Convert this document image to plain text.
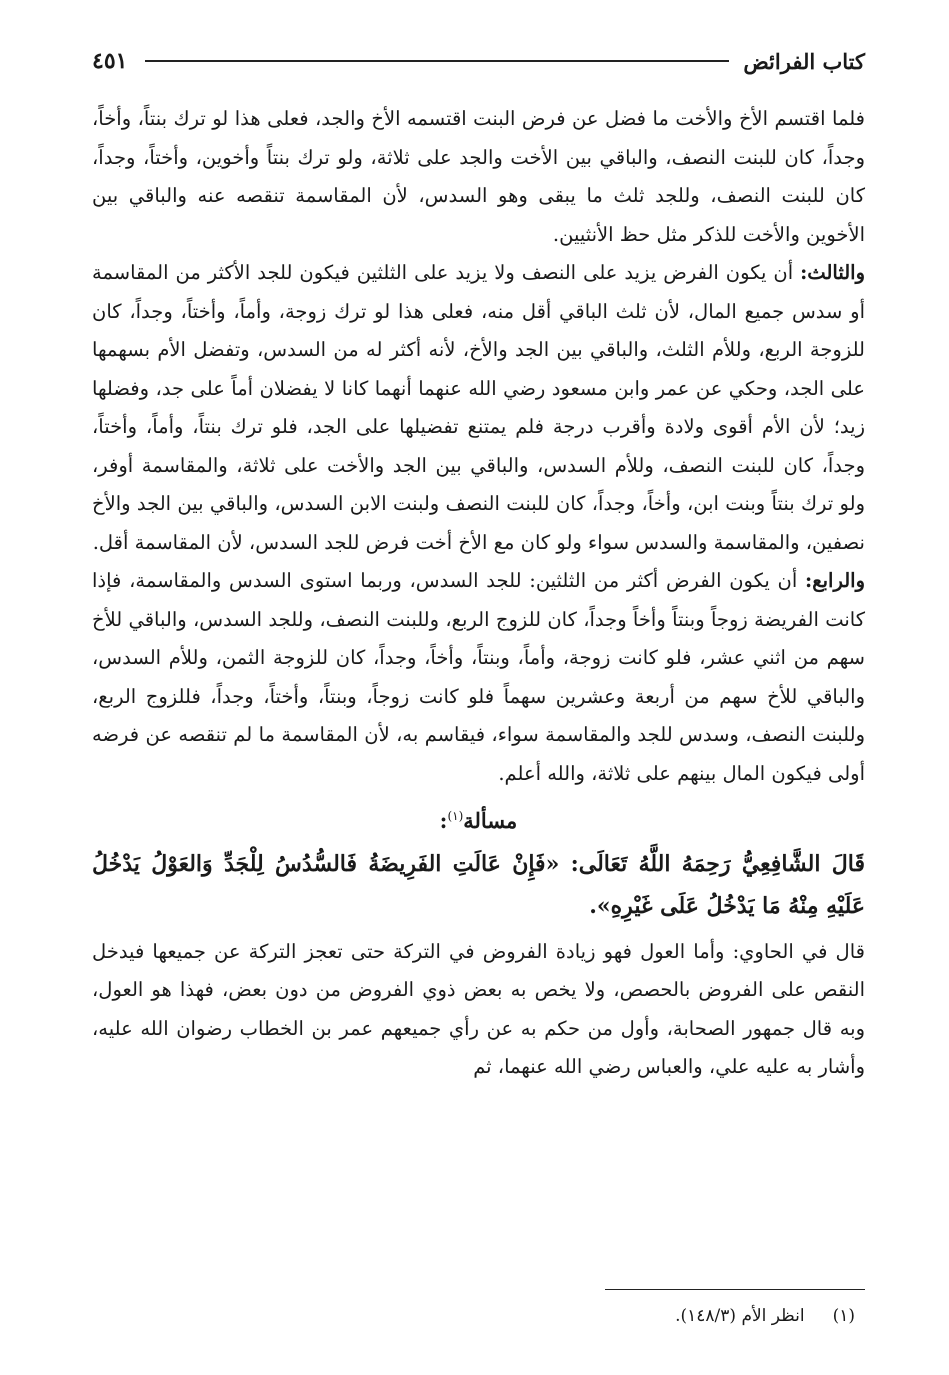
كتاب الفرائض
٤٥١

فلما اقتسم الأخ والأخت ما فضل عن فرض البنت اقتسمه الأخ والجد، فعلى هذا لو ترك بنتاً، وأخاً، وجداً، كان للبنت النصف، والباقي بين الأخت والجد على ثلاثة، ولو ترك بنتاً وأخوين، وأختاً، وجداً، كان للبنت النصف، وللجد ثلث ما يبقى وهو السدس، لأن المقاسمة تنقصه عنه والباقي بين الأخوين والأخت للذكر مثل حظ الأنثيين.

والثالث: أن يكون الفرض يزيد على النصف ولا يزيد على الثلثين فيكون للجد الأكثر من المقاسمة أو سدس جميع المال، لأن ثلث الباقي أقل منه، فعلى هذا لو ترك زوجة، وأماً، وأختاً، وجداً، كان للزوجة الربع، وللأم الثلث، والباقي بين الجد والأخ، لأنه أكثر له من السدس، وتفضل الأم بسهمها على الجد، وحكي عن عمر وابن مسعود رضي الله عنهما أنهما كانا لا يفضلان أماً على جد، وفضلها زيد؛ لأن الأم أقوى ولادة وأقرب درجة فلم يمتنع تفضيلها على الجد، فلو ترك بنتاً، وأماً، وأختاً، وجداً، كان للبنت النصف، وللأم السدس، والباقي بين الجد والأخت على ثلاثة، والمقاسمة أوفر، ولو ترك بنتاً وبنت ابن، وأخاً، وجداً، كان للبنت النصف ولبنت الابن السدس، والباقي بين الجد والأخ نصفين، والمقاسمة والسدس سواء ولو كان مع الأخ أخت فرض للجد السدس، لأن المقاسمة أقل.

والرابع: أن يكون الفرض أكثر من الثلثين: للجد السدس، وربما استوى السدس والمقاسمة، فإذا كانت الفريضة زوجاً وبنتاً وأخاً وجداً، كان للزوج الربع، وللبنت النصف، وللجد السدس، والباقي للأخ سهم من اثني عشر، فلو كانت زوجة، وأماً، وبنتاً، وأخاً، وجداً، كان للزوجة الثمن، وللأم السدس، والباقي للأخ سهم من أربعة وعشرين سهماً فلو كانت زوجاً، وبنتاً، وأختاً، وجداً، فللزوج الربع، وللبنت النصف، وسدس للجد والمقاسمة سواء، فيقاسم به، لأن المقاسمة ما لم تنقصه عن فرضه أولى فيكون المال بينهم على ثلاثة، والله أعلم.

مسألة$^{(١)}$:
قَالَ الشَّافِعِيُّ رَحِمَهُ اللَّهُ تَعَالَى: «فَإِنْ عَالَتِ الفَرِيضَةُ فَالسُّدُسُ لِلْجَدِّ وَالعَوْلُ يَدْخُلُ عَلَيْهِ مِنْهُ مَا يَدْخُلُ عَلَى غَيْرِهِ».

قال في الحاوي: وأما العول فهو زيادة الفروض في التركة حتى تعجز التركة عن جميعها فيدخل النقص على الفروض بالحصص، ولا يخص به بعض ذوي الفروض من دون بعض، فهذا هو العول، وبه قال جمهور الصحابة، وأول من حكم به عن رأي جميعهم عمر بن الخطاب رضوان الله عليه، وأشار به عليه علي، والعباس رضي الله عنهما، ثم

(١)انظر الأم (١٤٨/٣).
